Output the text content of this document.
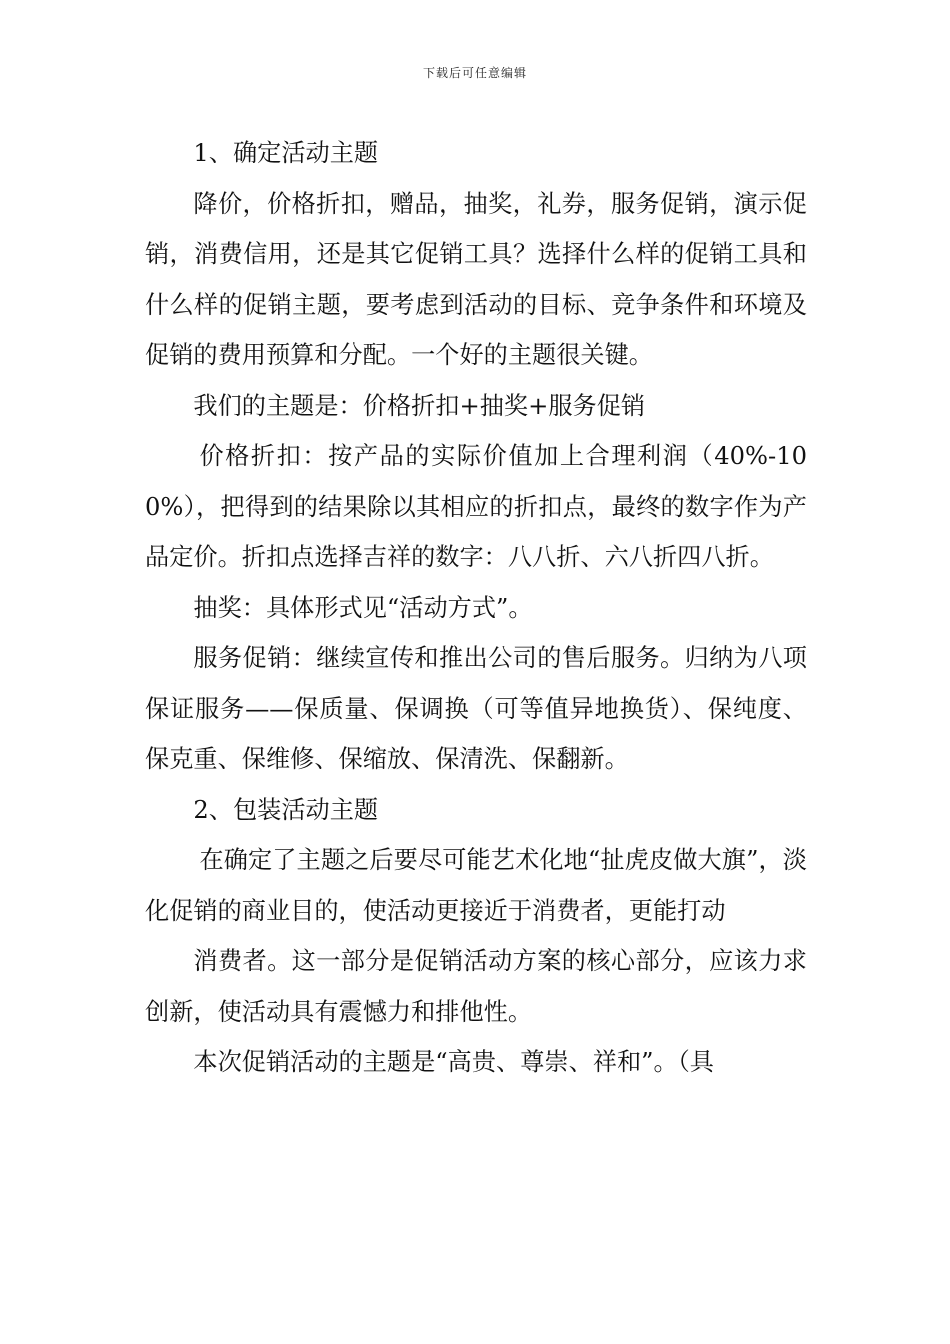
下载后可任意编辑

1、确定活动主题

降价，价格折扣，赠品，抽奖，礼券，服务促销，演示促销，消费信用，还是其它促销工具？选择什么样的促销工具和什么样的促销主题，要考虑到活动的目标、竞争条件和环境及促销的费用预算和分配。一个好的主题很关键。

我们的主题是：价格折扣+抽奖+服务促销

价格折扣：按产品的实际价值加上合理利润（40%-100%），把得到的结果除以其相应的折扣点，最终的数字作为产品定价。折扣点选择吉祥的数字：八八折、六八折四八折。

抽奖：具体形式见“活动方式”。

服务促销：继续宣传和推出公司的售后服务。归纳为八项保证服务——保质量、保调换（可等值异地换货）、保纯度、保克重、保维修、保缩放、保清洗、保翻新。

2、包装活动主题

在确定了主题之后要尽可能艺术化地“扯虎皮做大旗”，淡化促销的商业目的，使活动更接近于消费者，更能打动

消费者。这一部分是促销活动方案的核心部分，应该力求创新，使活动具有震憾力和排他性。

本次促销活动的主题是“高贵、尊崇、祥和”。（具
